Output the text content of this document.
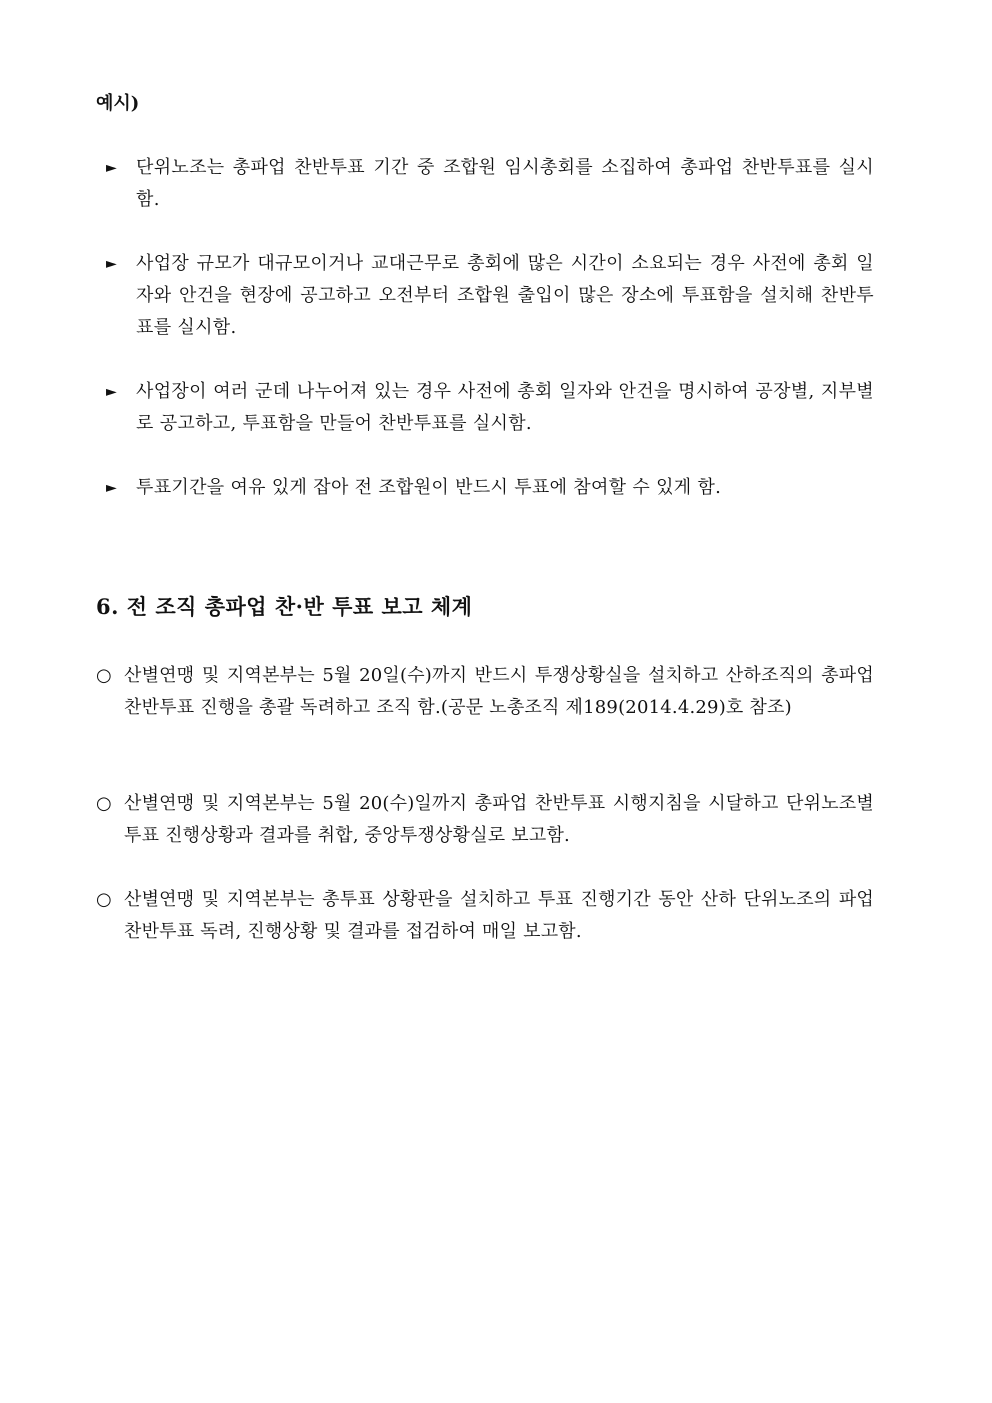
예시)
►	단위노조는 총파업 찬반투표 기간 중 조합원 임시총회를 소집하여 총파업 찬반투표를 실시함.
►	사업장 규모가 대규모이거나 교대근무로 총회에 많은 시간이 소요되는 경우 사전에 총회 일자와 안건을 현장에 공고하고 오전부터 조합원 출입이 많은 장소에 투표함을 설치해 찬반투표를 실시함.
►	사업장이 여러 군데 나누어져 있는 경우 사전에 총회 일자와 안건을 명시하여 공장별, 지부별로 공고하고, 투표함을 만들어 찬반투표를 실시함.
►	투표기간을 여유 있게 잡아 전 조합원이 반드시 투표에 참여할 수 있게 함.
6. 전 조직 총파업 찬·반 투표 보고 체계
○ 산별연맹 및 지역본부는 5월 20일(수)까지 반드시 투쟁상황실을 설치하고 산하조직의 총파업 찬반투표 진행을 총괄 독려하고 조직 함.(공문 노총조직 제189(2014.4.29)호 참조)
○ 산별연맹 및 지역본부는 5월 20(수)일까지 총파업 찬반투표 시행지침을 시달하고 단위노조별 투표 진행상황과 결과를 취합, 중앙투쟁상황실로 보고함.
○ 산별연맹 및 지역본부는 총투표 상황판을 설치하고 투표 진행기간 동안 산하 단위노조의 파업 찬반투표 독려, 진행상황 및 결과를 접검하여 매일 보고함.
